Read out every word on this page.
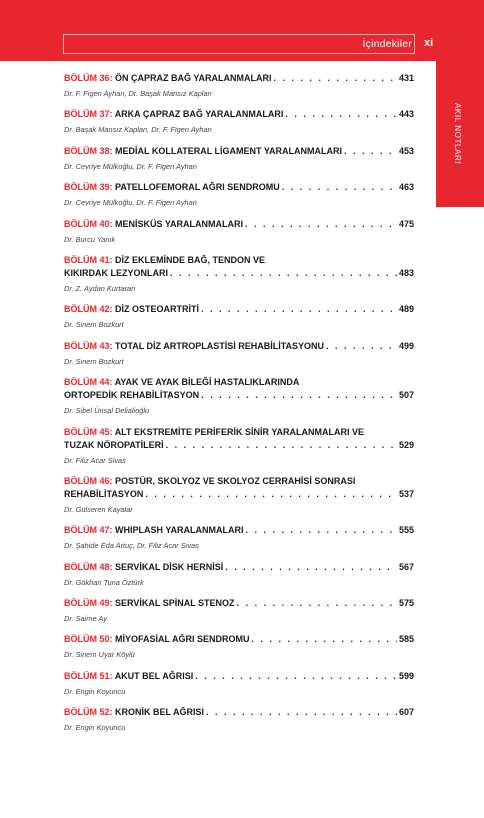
İçindekiler xi
AKIL NOTLARI
BÖLÜM 36: ÖN ÇAPRAZ BAĞ YARALANMALARI . . .	431
Dr. F. Figen Ayhan, Dr. Başak Mansız Kaplan
BÖLÜM 37: ARKA ÇAPRAZ BAĞ YARALANMALARI . . .	443
Dr. Başak Mansız Kaplan, Dr. F. Figen Ayhan
BÖLÜM 38: MEDİAL KOLLATERAL LİGAMENT YARALANMALARI . . .	453
Dr. Cevriye Mülkoğlu, Dr. F. Figen Ayhan
BÖLÜM 39: PATELLOFEMORAL AĞRI SENDROMU . . .	463
Dr. Cevriye Mülkoğlu, Dr. F. Figen Ayhan
BÖLÜM 40: MENİSKÜS YARALANMALARI . . .	475
Dr. Burcu Yanık
BÖLÜM 41: DİZ EKLEMİNDE BAĞ, TENDON VE
KIKIRDAK LEZYONLARI . . .	483
Dr. Z. Aydan Kurtaran
BÖLÜM 42: DİZ OSTEOARTRİTİ . . .	489
Dr. Sinem Bozkurt
BÖLÜM 43: TOTAL DİZ ARTROPLASTİSİ REHABİLİTASYONU . . .	499
Dr. Sinem Bozkurt
BÖLÜM 44: AYAK VE AYAK BİLEĞİ HASTALIKLARINDA
ORTOPEDİK REHABİLİTASYON . . .	507
Dr. Sibel Ünsal Delialioğlu
BÖLÜM 45: ALT EKSTREMİTE PERİFERİK SİNİR YARALANMALARI VE
TUZAK NÖROPATİLERİ . . .	529
Dr. Filiz Acar Sivas
BÖLÜM 46: POSTÜR, SKOLYOZ VE SKOLYOZ CERRAHİSİ SONRASI
REHABİLİTASYON . . .	537
Dr. Gülseren Kayalar
BÖLÜM 47: WHIPLASH YARALANMALARI . . .	555
Dr. Şahide Eda Artuç, Dr. Filiz Acar Sivas
BÖLÜM 48: SERVİKAL DİSK HERNİSİ . . .	567
Dr. Gökhan Tuna Öztürk
BÖLÜM 49: SERVİKAL SPİNAL STENOZ . . .	575
Dr. Saime Ay
BÖLÜM 50: MİYOFASİAL AĞRI SENDROMU . . .	585
Dr. Sinem Uyar Köylü
BÖLÜM 51: AKUT BEL AĞRISI . . .	599
Dr. Engin Koyuncu
BÖLÜM 52: KRONİK BEL AĞRISI . . .	607
Dr. Engin Koyuncu
